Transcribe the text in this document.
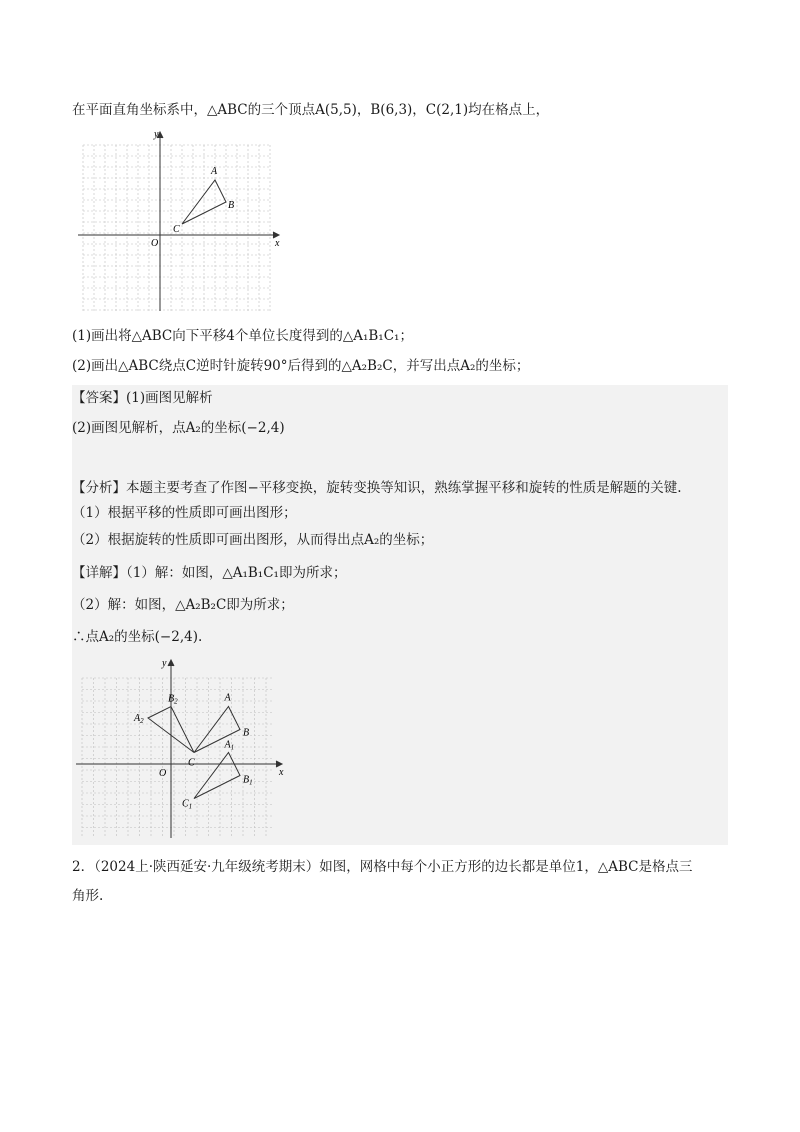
在平面直角坐标系中，△ABC的三个顶点A(5,5)，B(6,3)，C(2,1)均在格点上，
x
y
O
A
B
C
(1)画出将△ABC向下平移4个单位长度得到的△A₁B₁C₁；
(2)画出△ABC绕点C逆时针旋转90°后得到的△A₂B₂C，并写出点A₂的坐标；
【答案】(1)画图见解析
(2)画图见解析，点A₂的坐标(−2,4)
【分析】本题主要考查了作图−平移变换，旋转变换等知识，熟练掌握平移和旋转的性质是解题的关键.
（1）根据平移的性质即可画出图形；
（2）根据旋转的性质即可画出图形，从而得出点A₂的坐标；
【详解】（1）解：如图，△A₁B₁C₁即为所求；
（2）解：如图，△A₂B₂C即为所求；
∴点A₂的坐标(−2,4).
x
y
O
A
B
C
$A_1$
$B_1$
$C_1$
$A_2$
$B_2$
2．（2024上·陕西延安·九年级统考期末）如图，网格中每个小正方形的边长都是单位1，△ABC是格点三
角形.
